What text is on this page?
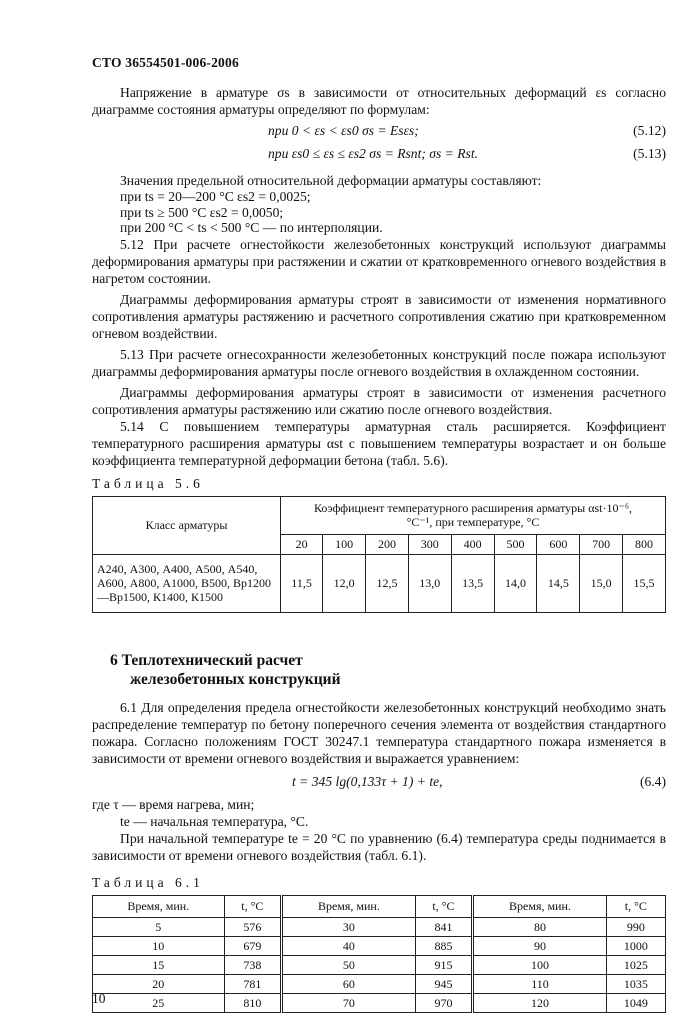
СТО 36554501-006-2006

Напряжение в арматуре σs в зависимости от относительных деформаций εs согласно диаграмме состояния арматуры определяют по формулам:

при 0 < εs < εs0 σs = Esεs;	(5.12)
при εs0 ≤ εs ≤ εs2 σs = Rsnt; σs = Rst.	(5.13)

Значения предельной относительной деформации арматуры составляют:

при ts = 20—200 °С εs2 = 0,0025;
при ts ≥ 500 °С εs2 = 0,0050;
при 200 °С < ts < 500 °С — по интерполяции.

5.12 При расчете огнестойкости железобетонных конструкций используют диаграммы деформирования арматуры при растяжении и сжатии от кратковременного огневого воздействия в нагретом состоянии.

Диаграммы деформирования арматуры строят в зависимости от изменения нормативного сопротивления арматуры растяжению и расчетного сопротивления сжатию при кратковременном огневом воздействии.

5.13 При расчете огнесохранности железобетонных конструкций после пожара используют диаграммы деформирования арматуры после огневого воздействия в охлажденном состоянии.

Диаграммы деформирования арматуры строят в зависимости от изменения расчетного сопротивления арматуры растяжению или сжатию после огневого воздействия.

5.14 С повышением температуры арматурная сталь расширяется. Коэффициент температурного расширения арматуры αst с повышением температуры возрастает и он больше коэффициента температурной деформации бетона (табл. 5.6).

Таблица 5.6
Класс арматуры	Коэффициент температурного расширения арматуры αst·10⁻⁶, °С⁻¹, при температуре, °С								
	20	100	200	300	400	500	600	700	800
А240, А300, А400, А500, А540, А600, А800, А1000, В500, Вр1200—Вр1500, К1400, К1500	11,5	12,0	12,5	13,0	13,5	14,0	14,5	15,0	15,5
6 Теплотехнический расчет
железобетонных конструкций

6.1 Для определения предела огнестойкости железобетонных конструкций необходимо знать распределение температур по бетону поперечного сечения элемента от воздействия стандартного пожара. Согласно положениям ГОСТ 30247.1 температура стандартного пожара изменяется в зависимости от времени огневого воздействия и выражается уравнением:

t = 345 lg(0,133τ + 1) + te,	(6.4)
где τ — время нагрева, мин;
te — начальная температура, °С.

При начальной температуре te = 20 °С по уравнению (6.4) температура среды поднимается в зависимости от времени огневого воздействия (табл. 6.1).

Таблица 6.1
Время, мин.	t, °С	Время, мин.	t, °С	Время, мин.	t, °С
5	576	30	841	80	990
10	679	40	885	90	1000
15	738	50	915	100	1025
20	781	60	945	110	1035
25	810	70	970	120	1049
10
